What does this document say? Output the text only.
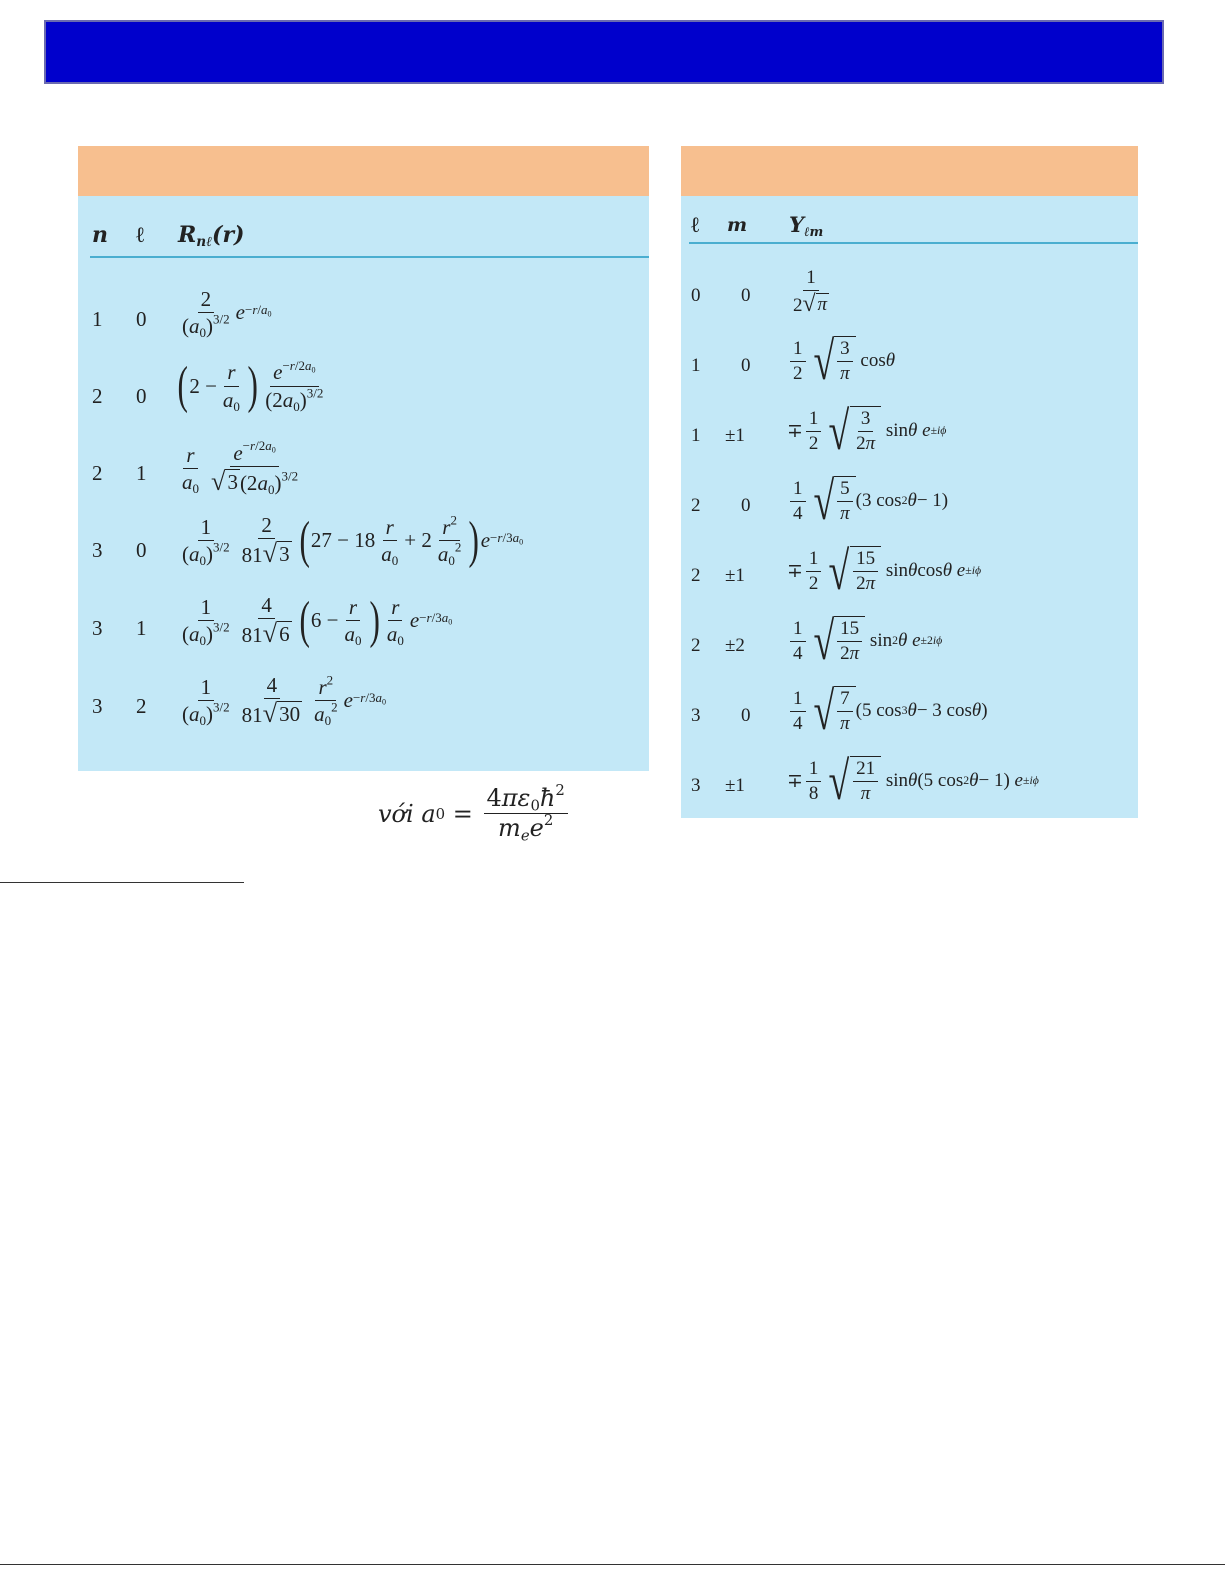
n ℓ $R_{n\ell}(r)$
1 0
2
$(a_0)^{3/2}$ $e -r/a_0$
2 0 ( 2 −
r
$a_0$ ) $e^{-r/2a_0}$
$(2a_0)^{3/2}$
2 1
r
$a_0$
$e^{-r/2a_0}$
√ 3 $(2a_0)^{3/2}$
3 0
1
$(a_0)^{3/2}$
2
81 √ 3 ( 27 − 18
r
$a_0$
+ 2
$r^2$
$a_0^2$ ) $e -r/3a_0$
3 1
1
$(a_0)^{3/2}$
4
81 √ 6 ( 6 −
r
$a_0$ ) r
$a_0$
$e -r/3a_0$
3 2
1
$(a_0)^{3/2}$
4
81 √ 30
$r^2$
$a_0^2$ $e -r/3a_0$
ℓ m $Y_{\ell m}$
0 0
1
2 √ π
1 0
1
2 √ $\frac{3}{\pi}$ cos θ
1 ±1 ∓
1
2 √ $\frac{3}{2\pi}$ sin θ
e ±iϕ
2 0
1
4 √ $\frac{5}{\pi} (3$ cos 2 θ − 1)
2 ±1 ∓
1
2 √ $\frac{15}{2\pi}$ sin θ cos θ
e ±iϕ
2 ±2
1
4 √ $\frac{15}{2\pi}$ sin 2 θ
e ±2iϕ
3 0
1
4 √ $\frac{7}{\pi} (5$ cos 3 θ − 3 cos θ )
3 ±1 ∓
1
8 √ $\frac{21}{\pi}$ sin θ (5 cos 2 θ − 1) e ±iϕ
với
a 0
=

$4\pi\varepsilon_0ħ^2$
$m_ee^2$
